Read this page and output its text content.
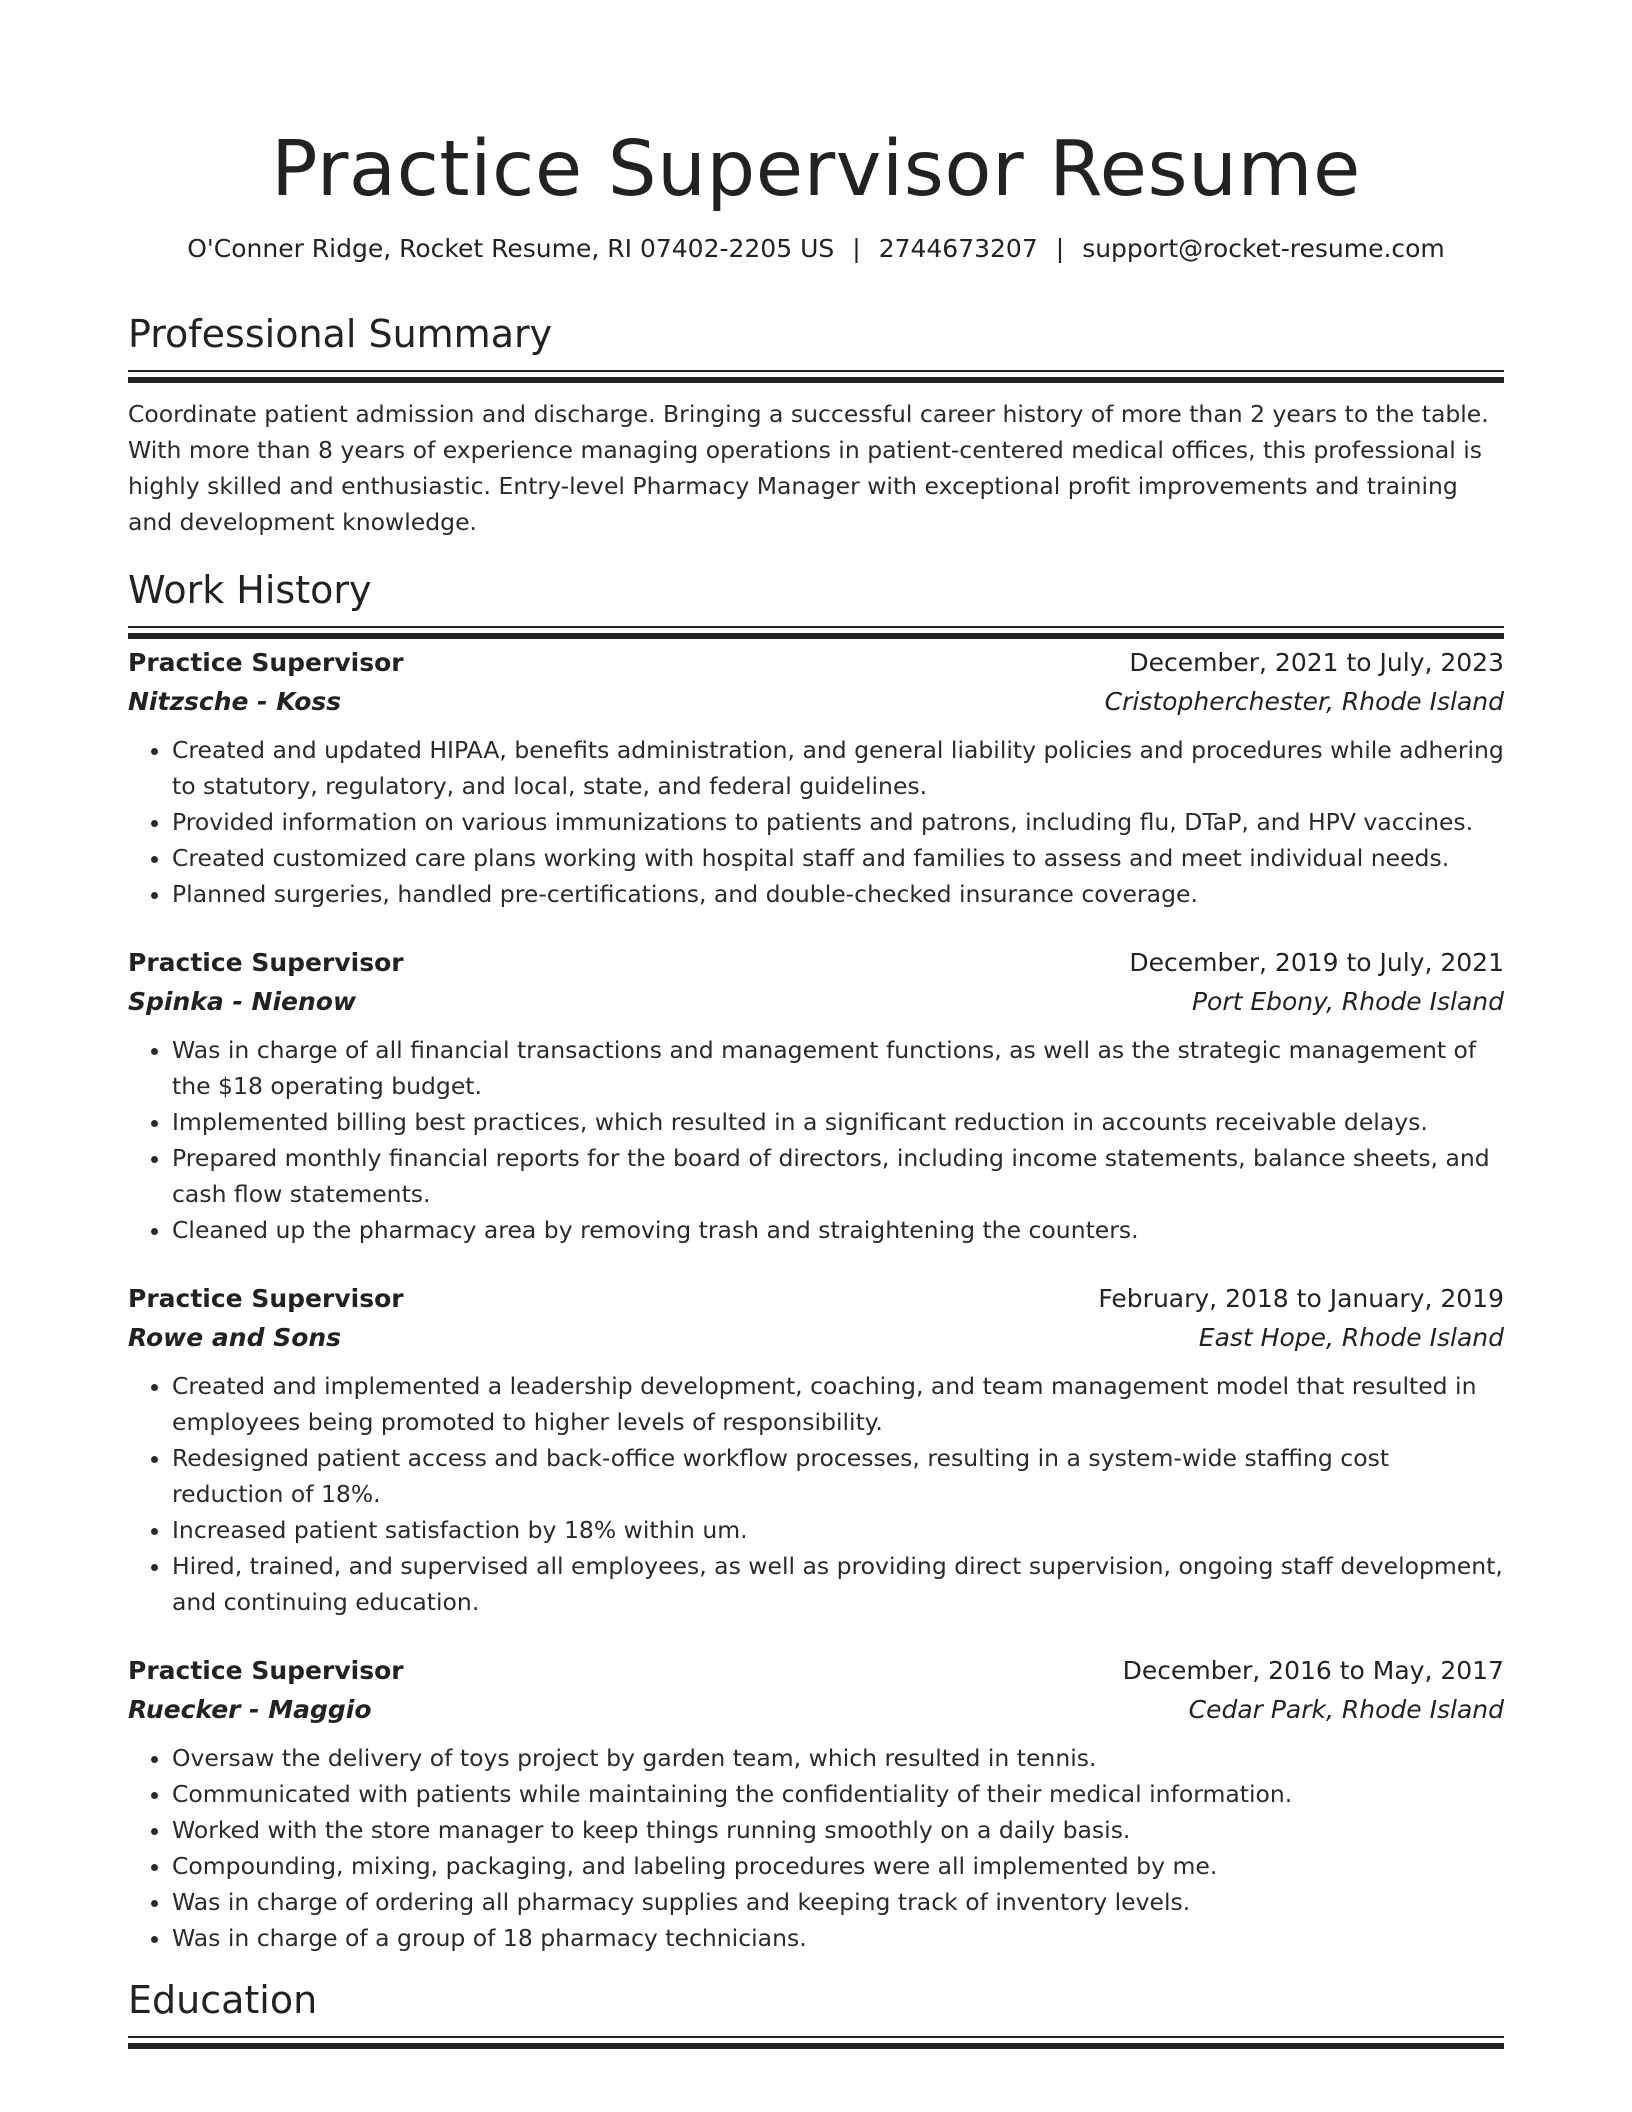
Practice Supervisor Resume
O'Conner Ridge, Rocket Resume, RI 07402-2205 US | 2744673207 | support@rocket-resume.com
Professional Summary

Coordinate patient admission and discharge. Bringing a successful career history of more than 2 years to the table. With more than 8 years of experience managing operations in patient-centered medical offices, this professional is highly skilled and enthusiastic. Entry-level Pharmacy Manager with exceptional profit improvements and training and development knowledge.

Work History
Practice Supervisor	December, 2021 to July, 2023
Nitzsche - Koss	Cristopherchester, Rhode Island
• Created and updated HIPAA, benefits administration, and general liability policies and procedures while adhering to statutory, regulatory, and local, state, and federal guidelines.
• Provided information on various immunizations to patients and patrons, including flu, DTaP, and HPV vaccines.
• Created customized care plans working with hospital staff and families to assess and meet individual needs.
• Planned surgeries, handled pre-certifications, and double-checked insurance coverage.
Practice Supervisor	December, 2019 to July, 2021
Spinka - Nienow	Port Ebony, Rhode Island
• Was in charge of all financial transactions and management functions, as well as the strategic management of the $18 operating budget.
• Implemented billing best practices, which resulted in a significant reduction in accounts receivable delays.
• Prepared monthly financial reports for the board of directors, including income statements, balance sheets, and cash flow statements.
• Cleaned up the pharmacy area by removing trash and straightening the counters.
Practice Supervisor	February, 2018 to January, 2019
Rowe and Sons	East Hope, Rhode Island
• Created and implemented a leadership development, coaching, and team management model that resulted in employees being promoted to higher levels of responsibility.
• Redesigned patient access and back-office workflow processes, resulting in a system-wide staffing cost reduction of 18%.
• Increased patient satisfaction by 18% within um.
• Hired, trained, and supervised all employees, as well as providing direct supervision, ongoing staff development, and continuing education.
Practice Supervisor	December, 2016 to May, 2017
Ruecker - Maggio	Cedar Park, Rhode Island
• Oversaw the delivery of toys project by garden team, which resulted in tennis.
• Communicated with patients while maintaining the confidentiality of their medical information.
• Worked with the store manager to keep things running smoothly on a daily basis.
• Compounding, mixing, packaging, and labeling procedures were all implemented by me.
• Was in charge of ordering all pharmacy supplies and keeping track of inventory levels.
• Was in charge of a group of 18 pharmacy technicians.
Education
